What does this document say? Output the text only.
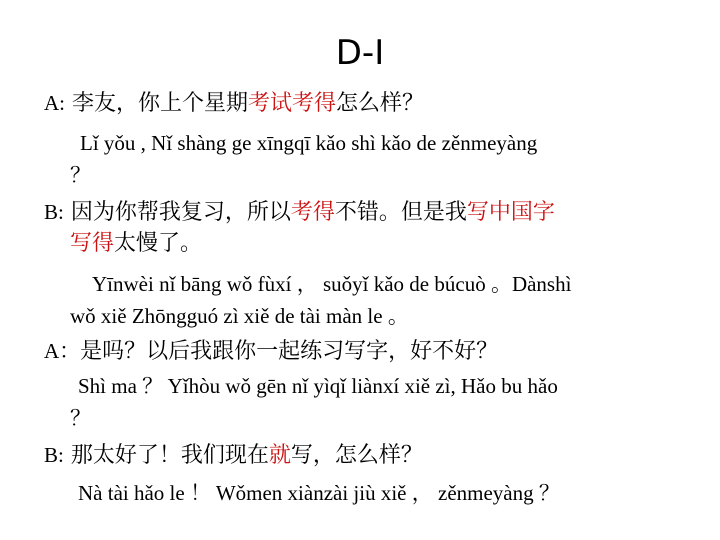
D-I
A: 李友，你上个星期考试考得怎么样？
Lǐ yǒu , Nǐ shàng ge xīngqī kǎo shì kǎo de zěnmeyàng
？
B: 因为你帮我复习，所以考得不错。但是我写中国字
写得太慢了。
Yīnwèi nǐ bāng wǒ fùxí ， suǒyǐ kǎo de búcuò 。Dànshì
wǒ xiě Zhōngguó zì xiě de tài màn le 。
A：是吗？以后我跟你一起练习写字，好不好？
Shì ma ？ Yǐhòu wǒ gēn nǐ yìqǐ liànxí xiě zì, Hǎo bu hǎo
？
B: 那太好了！我们现在就写，怎么样？
Nà tài hǎo le ！ Wǒmen xiànzài jiù xiě ， zěnmeyàng ？
